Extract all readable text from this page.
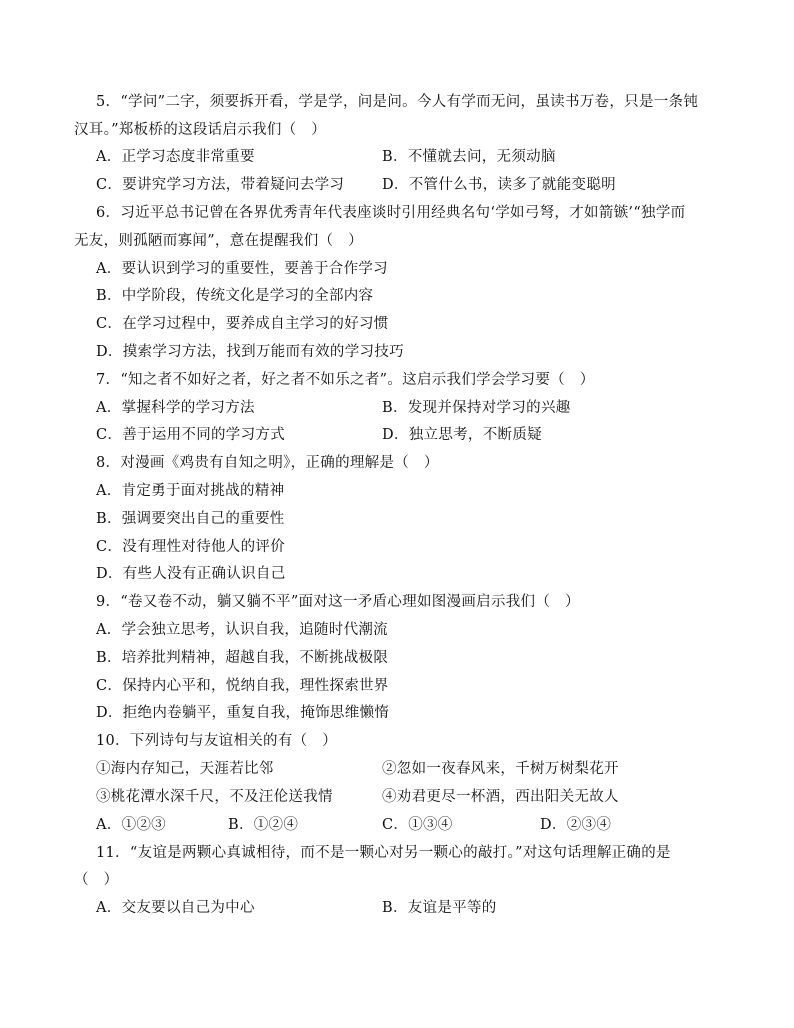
5．“学问”二字，须要拆开看，学是学，问是问。今人有学而无问，虽读书万卷，只是一条钝
汉耳。”郑板桥的这段话启示我们（　）
A．正学习态度非常重要	B．不懂就去问，无须动脑
C．要讲究学习方法，带着疑问去学习	D．不管什么书，读多了就能变聪明
6．习近平总书记曾在各界优秀青年代表座谈时引用经典名句‘学如弓弩，才如箭镞’“独学而
无友，则孤陋而寡闻”，意在提醒我们（　）
A．要认识到学习的重要性，要善于合作学习
B．中学阶段，传统文化是学习的全部内容
C．在学习过程中，要养成自主学习的好习惯
D．摸索学习方法，找到万能而有效的学习技巧
7．“知之者不如好之者，好之者不如乐之者”。这启示我们学会学习要（　）
A．掌握科学的学习方法	B．发现并保持对学习的兴趣
C．善于运用不同的学习方式	D．独立思考，不断质疑
8．对漫画《鸡贵有自知之明》，正确的理解是（　）
A．肯定勇于面对挑战的精神
B．强调要突出自己的重要性
C．没有理性对待他人的评价
D．有些人没有正确认识自己
9．“卷又卷不动，躺又躺不平”面对这一矛盾心理如图漫画启示我们（　）
A．学会独立思考，认识自我，追随时代潮流
B．培养批判精神，超越自我，不断挑战极限
C．保持内心平和，悦纳自我，理性探索世界
D．拒绝内卷躺平，重复自我，掩饰思维懒惰
10．下列诗句与友谊相关的有（　）
①海内存知己，天涯若比邻	②忽如一夜春风来，千树万树梨花开
③桃花潭水深千尺，不及汪伦送我情	④劝君更尽一杯酒，西出阳关无故人
A．①②③	B．①②④	C．①③④	D．②③④
11．“友谊是两颗心真诚相待，而不是一颗心对另一颗心的敲打。”对这句话理解正确的是
（　）
A．交友要以自己为中心	B．友谊是平等的
